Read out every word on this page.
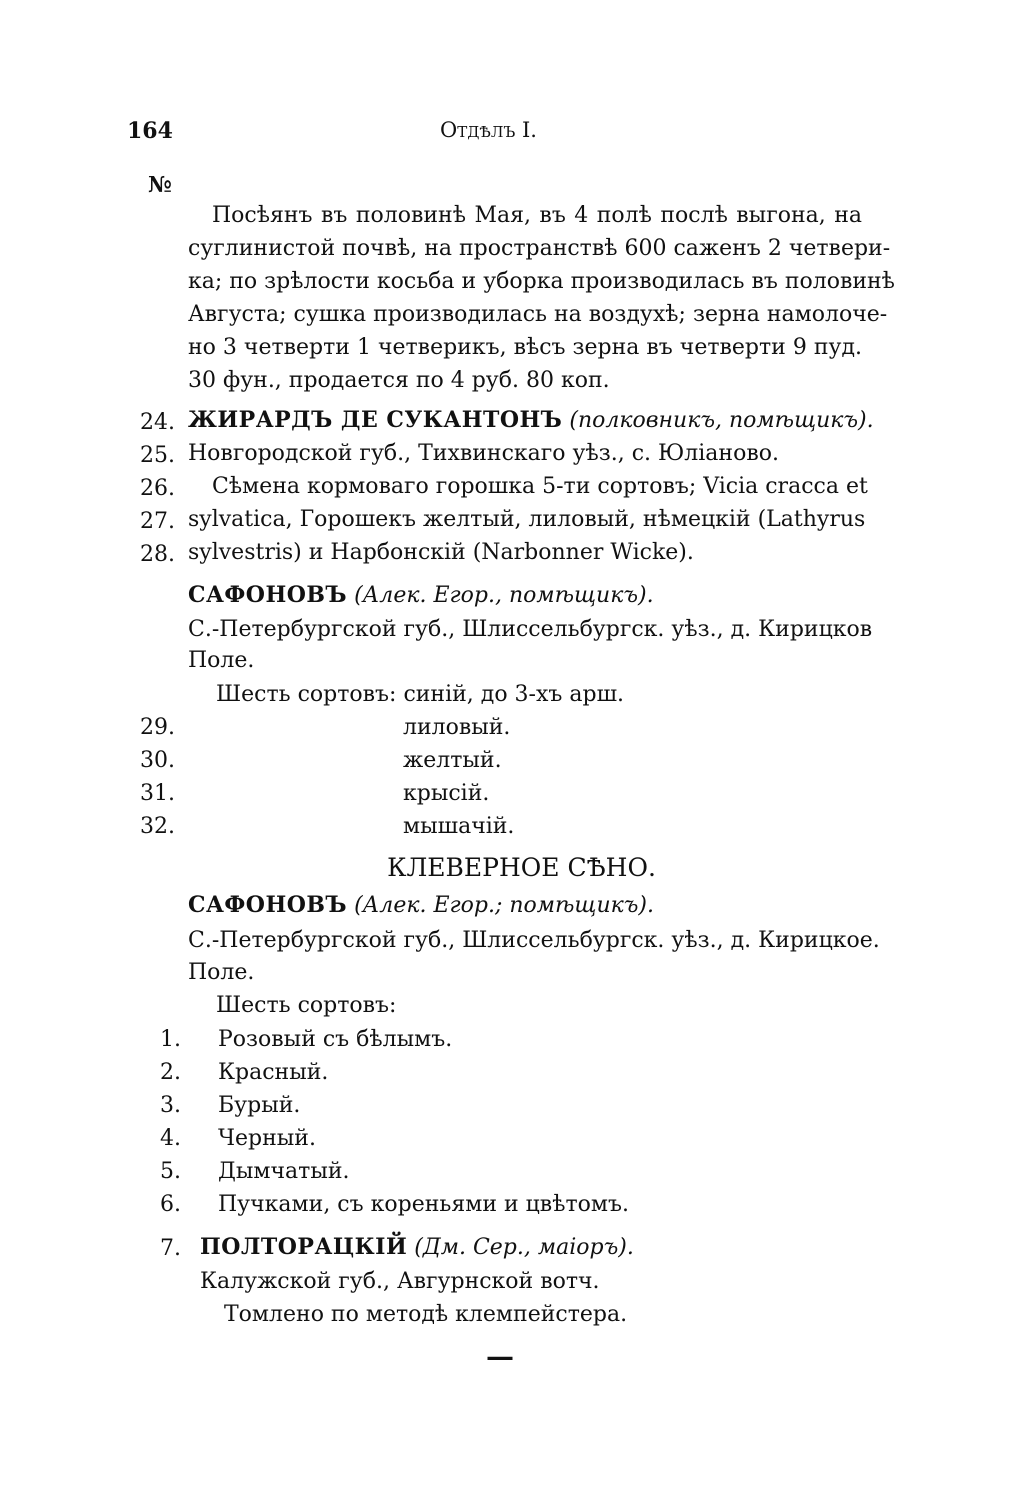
164	Отдѣлъ I.
№
Посѣянъ въ половинѣ Мая, въ 4 полѣ послѣ выгона, на
суглинистой почвѣ, на пространствѣ 600 саженъ 2 четвери-
ка; по зрѣлости косьба и уборка производилась въ половинѣ
Августа; сушка производилась на воздухѣ; зерна намолоче-
но 3 четверти 1 четверикъ, вѣсъ зерна въ четверти 9 пуд.
30 фун., продается по 4 руб. 80 коп.
24.
25.
26.
27.
28.
ЖИРАРДЪ ДЕ СУКАНТОНЪ (полковникъ, помѣщикъ).
Новгородской губ., Тихвинскаго уѣз., с. Юлiаново.
Сѣмена кормоваго горошка 5-ти сортовъ; Vicia cracca et
sylvatica, Горошекъ желтый, лиловый, нѣмецкiй (Lathyrus
sylvestris) и Нарбонскiй (Narbonner Wicke).
САФОНОВЪ (Алек. Егор., помѣщикъ).
С.-Петербургской губ., Шлиссельбургск. уѣз., д. Кирицков
Поле.
Шесть сортовъ: синiй, до 3-хъ арш.
29.	лиловый.
30.	желтый.
31.	крысiй.
32.	мышачiй.
КЛЕВЕРНОЕ СѢНО.
САФОНОВЪ (Алек. Егор.; помѣщикъ).
С.-Петербургской губ., Шлиссельбургск. уѣз., д. Кирицкое.
Поле.
Шесть сортовъ:
1. Розовый съ бѣлымъ.
2. Красный.
3. Бурый.
4. Черный.
5. Дымчатый.
6. Пучками, съ кореньями и цвѣтомъ.
7. ПОЛТОРАЦКIЙ (Дм. Сер., маiоръ).
Калужской губ., Авгурнской вотч.
Томлено по методѣ клемпейстера.
—
